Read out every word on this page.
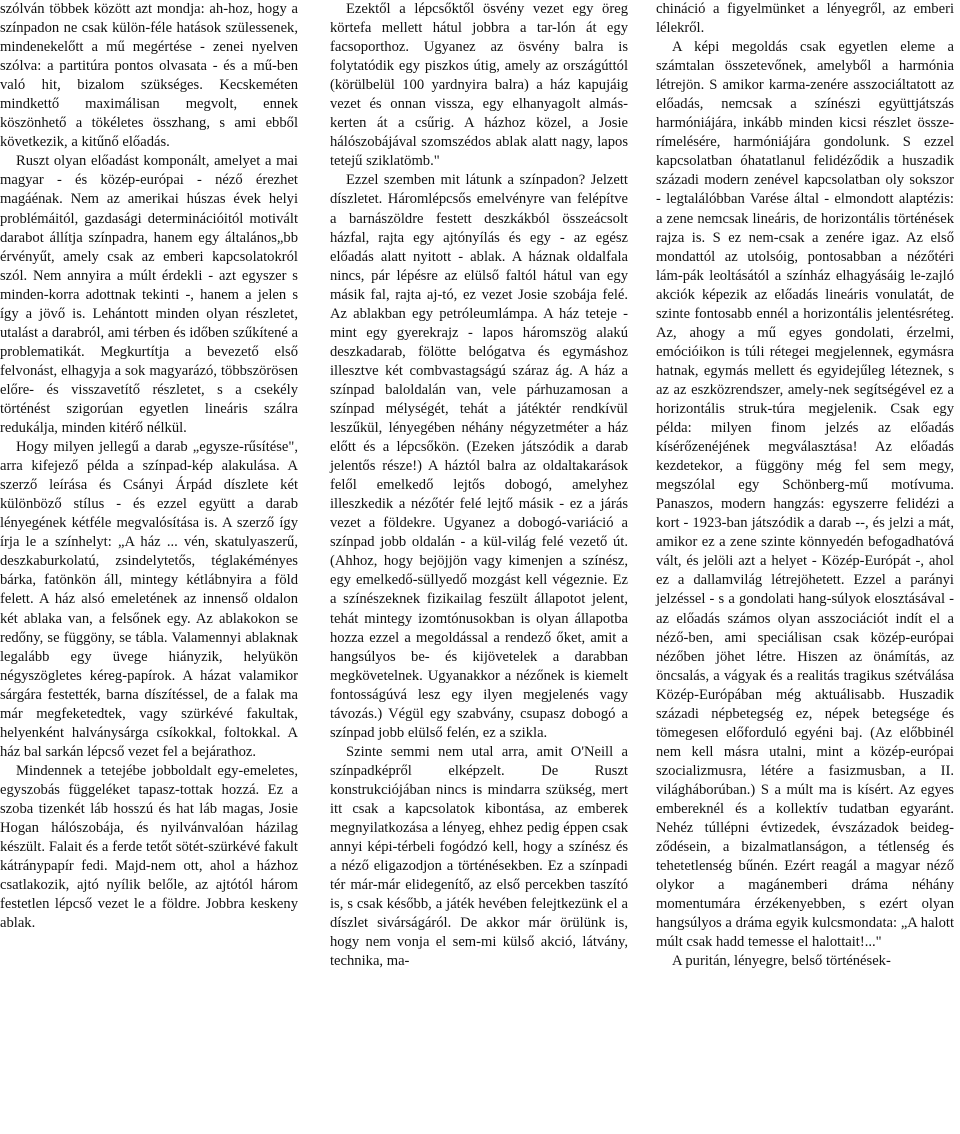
szólván többek között azt mondja: ah-hoz, hogy a színpadon ne csak külön-féle hatások szülessenek, mindenekelőtt a mű megértése - zenei nyelven szólva: a partitúra pontos olvasata - és a mű-ben való hit, bizalom szükséges. Kecskeméten mindkettő maximálisan megvolt, ennek köszönhető a tökéletes összhang, s ami ebből következik, a kitűnő előadás.

Ruszt olyan előadást komponált, amelyet a mai magyar - és közép-európai - néző érezhet magáénak. Nem az amerikai húszas évek helyi problémáitól, gazdasági determinációitól motivált darabot állítja színpadra, hanem egy általános„bb érvényűt, amely csak az emberi kapcsolatokról szól. Nem annyira a múlt érdekli - azt egyszer s minden-korra adottnak tekinti -, hanem a jelen s így a jövő is. Lehántott minden olyan részletet, utalást a darabról, ami térben és időben szűkítené a problematikát. Megkurtítja a bevezető első felvonást, elhagyja a sok magyarázó, többszörösen előre- és visszavetítő részletet, s a csekély történést szigorúan egyetlen lineáris szálra redukálja, minden kitérő nélkül.

Hogy milyen jellegű a darab „egysze-rűsítése", arra kifejező példa a színpad-kép alakulása. A szerző leírása és Csányi Árpád díszlete két különböző stílus - és ezzel együtt a darab lényegének kétféle megvalósítása is. A szerző így írja le a színhelyt: „A ház ... vén, skatulyaszerű, deszkaburkolatú, zsindelytetős, téglakéményes bárka, fatönkön áll, mintegy kétlábnyira a föld felett. A ház alsó emeletének az innenső oldalon két ablaka van, a felsőnek egy. Az ablakokon se redőny, se függöny, se tábla. Valamennyi ablaknak legalább egy üvege hiányzik, helyükön négyszögletes kéreg-papírok. A házat valamikor sárgára festették, barna díszítéssel, de a falak ma már megfeketedtek, vagy szürkévé fakultak, helyenként halványsárga csíkokkal, foltokkal. A ház bal sarkán lépcső vezet fel a bejárathoz.

Mindennek a tetejébe jobboldalt egy-emeletes, egyszobás függeléket tapasz-tottak hozzá. Ez a szoba tizenkét láb hosszú és hat láb magas, Josie Hogan hálószobája, és nyilvánvalóan házilag készült. Falait és a ferde tetőt sötét-szürkévé fakult kátránypapír fedi. Majd-nem ott, ahol a házhoz csatlakozik, ajtó nyílik belőle, az ajtótól három festetlen lépcső vezet le a földre. Jobbra keskeny ablak.

Ezektől a lépcsőktől ösvény vezet egy öreg körtefa mellett hátul jobbra a tar-lón át egy facsoporthoz. Ugyanez az ösvény balra is folytatódik egy piszkos útig, amely az országúttól (körülbelül 100 yardnyira balra) a ház kapujáig vezet és onnan vissza, egy elhanyagolt almás-kerten át a csűrig. A házhoz közel, a Josie hálószobájával szomszédos ablak alatt nagy, lapos tetejű sziklatömb."

Ezzel szemben mit látunk a színpadon? Jelzett díszletet. Háromlépcsős emelvényre van felépítve a barnászöldre festett deszkákból összeácsolt házfal, rajta egy ajtónyílás és egy - az egész előadás alatt nyitott - ablak. A háznak oldalfala nincs, pár lépésre az elülső faltól hátul van egy másik fal, rajta aj-tó, ez vezet Josie szobája felé. Az ablakban egy petróleumlámpa. A ház teteje - mint egy gyerekrajz - lapos háromszög alakú deszkadarab, fölötte belógatva és egymáshoz illesztve két combvastagságú száraz ág. A ház a színpad baloldalán van, vele párhuzamosan a színpad mélységét, tehát a játéktér rendkívül leszűkül, lényegében néhány négyzetméter a ház előtt és a lépcsőkön. (Ezeken játszódik a darab jelentős része!) A háztól balra az oldaltakarások felől emelkedő lejtős dobogó, amelyhez illeszkedik a nézőtér felé lejtő másik - ez a járás vezet a földekre. Ugyanez a dobogó-variáció a színpad jobb oldalán - a kül-világ felé vezető út. (Ahhoz, hogy bejöjjön vagy kimenjen a színész, egy emelkedő-süllyedő mozgást kell végeznie. Ez a színészeknek fizikailag feszült állapotot jelent, tehát mintegy izomtónusokban is olyan állapotba hozza ezzel a megoldással a rendező őket, amit a hangsúlyos be- és kijövetelek a darabban megkövetelnek. Ugyanakkor a nézőnek is kiemelt fontosságúvá lesz egy ilyen megjelenés vagy távozás.) Végül egy szabvány, csupasz dobogó a színpad jobb elülső felén, ez a szikla.

Szinte semmi nem utal arra, amit O'Neill a színpadképről elképzelt. De Ruszt konstrukciójában nincs is mindarra szükség, mert itt csak a kapcsolatok kibontása, az emberek megnyilatkozása a lényeg, ehhez pedig éppen csak annyi képi-térbeli fogódzó kell, hogy a színész és a néző eligazodjon a történésekben. Ez a színpadi tér már-már elidegenítő, az első percekben taszító is, s csak később, a játék hevében felejtkezünk el a díszlet sivárságáról. De akkor már örülünk is, hogy nem vonja el sem-mi külső akció, látvány, technika, ma-

chináció a figyelmünket a lényegről, az emberi lélekről.

A képi megoldás csak egyetlen eleme a számtalan összetevőnek, amelyből a harmónia létrejön. S amikor karma-zenére asszociáltatott az előadás, nemcsak a színészi együttjátszás harmóniájára, inkább minden kicsi részlet össze-rímelésére, harmóniájára gondolunk. S ezzel kapcsolatban óhatatlanul felidéződik a huszadik századi modern zenével kapcsolatban oly sokszor - legtalálóbban Varése által - elmondott alaptézis: a zene nemcsak lineáris, de horizontális történések rajza is. S ez nem-csak a zenére igaz. Az első mondattól az utolsóig, pontosabban a nézőtéri lám-pák leoltásától a színház elhagyásáig le-zajló akciók képezik az előadás lineáris vonulatát, de szinte fontosabb ennél a horizontális jelentésréteg. Az, ahogy a mű egyes gondolati, érzelmi, emócióikon is túli rétegei megjelennek, egymásra hatnak, egymás mellett és egyidejűleg léteznek, s az az eszközrendszer, amely-nek segítségével ez a horizontális struk-túra megjelenik. Csak egy példa: milyen finom jelzés az előadás kísérőzenéjének megválasztása! Az előadás kezdetekor, a függöny még fel sem megy, megszólal egy Schönberg-mű motívuma. Panaszos, modern hangzás: egyszerre felidézi a kort - 1923-ban játszódik a darab --, és jelzi a mát, amikor ez a zene szinte könnyedén befogadhatóvá vált, és jelöli azt a helyet - Közép-Európát -, ahol ez a dallamvilág létrejöhetett. Ezzel a parányi jelzéssel - s a gondolati hang-súlyok elosztásával - az előadás számos olyan asszociációt indít el a néző-ben, ami speciálisan csak közép-európai nézőben jöhet létre. Hiszen az önámítás, az öncsalás, a vágyak és a realitás tragikus szétválása Közép-Európában még aktuálisabb. Huszadik századi népbetegség ez, népek betegsége és tömegesen előforduló egyéni baj. (Az előbbinél nem kell másra utalni, mint a közép-európai szocializmusra, létére a fasizmusban, a II. világháborúban.) S a múlt ma is kísért. Az egyes embereknél és a kollektív tudatban egyaránt. Nehéz túllépni évtizedek, évszázadok beideg-ződésein, a bizalmatlanságon, a tétlenség és tehetetlenség bűnén. Ezért reagál a magyar néző olykor a magánemberi dráma néhány momentumára érzékenyebben, s ezért olyan hangsúlyos a dráma egyik kulcsmondata: „A halott múlt csak hadd temesse el halottait!..."

A puritán, lényegre, belső történések-
